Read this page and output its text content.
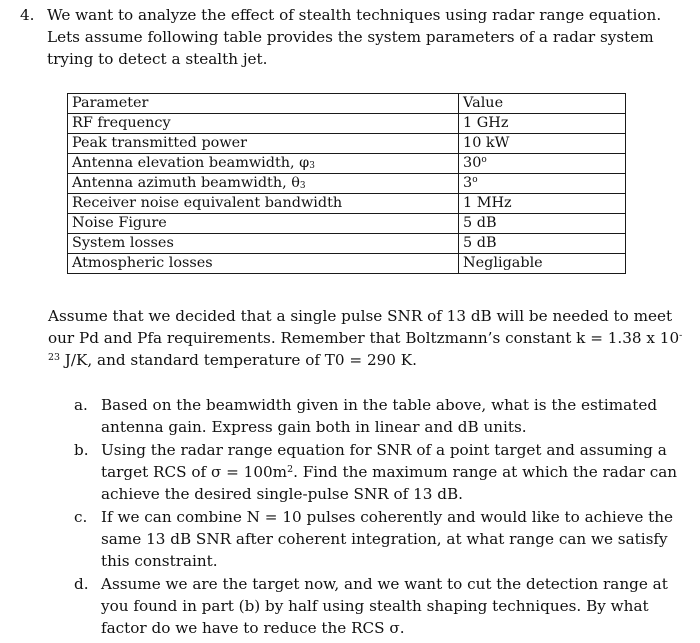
4. We want to analyze the effect of stealth techniques using radar range equation. Lets assume following table provides the system parameters of a radar system trying to detect a stealth jet.
Parameter	Value
RF frequency	1 GHz
Peak transmitted power	10 kW
Antenna elevation beamwidth, $\varphi_3$	30$^o$
Antenna azimuth beamwidth, $\theta_3$	3$^o$
Receiver noise equivalent bandwidth	1 MHz
Noise Figure	5 dB
System losses	5 dB
Atmospheric losses	Negligable
Assume that we decided that a single pulse SNR of 13 dB will be needed to meet our Pd and Pfa requirements. Remember that Boltzmann’s constant k = 1.38 x $10^{-23}$ J/K, and standard temperature of T0 = 290 K.
a. Based on the beamwidth given in the table above, what is the estimated antenna gain. Express gain both in linear and dB units.
b. Using the radar range equation for SNR of a point target and assuming a target RCS of $\sigma = 100m^2$. Find the maximum range at which the radar can achieve the desired single-pulse SNR of 13 dB.
c. If we can combine N = 10 pulses coherently and would like to achieve the same 13 dB SNR after coherent integration, at what range can we satisfy this constraint.
d. Assume we are the target now, and we want to cut the detection range at you found in part (b) by half using stealth shaping techniques. By what factor do we have to reduce the RCS σ.
